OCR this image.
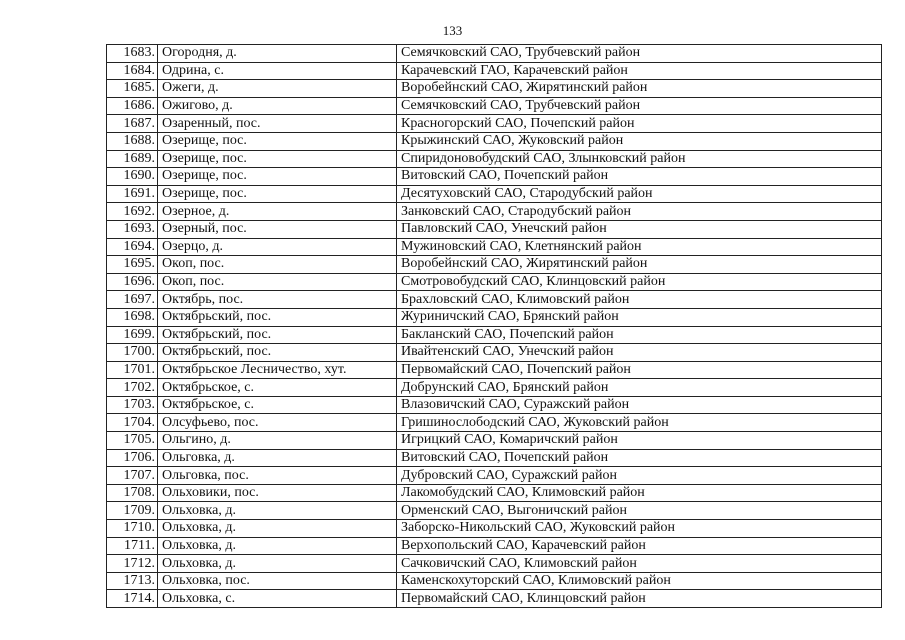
133
1683.	Огородня, д.	Семячковский САО, Трубчевский район
1684.	Одрина, с.	Карачевский ГАО, Карачевский район
1685.	Ожеги, д.	Воробейнский САО, Жирятинский район
1686.	Ожигово, д.	Семячковский САО, Трубчевский район
1687.	Озаренный, пос.	Красногорский САО, Почепский район
1688.	Озерище, пос.	Крыжинский САО, Жуковский район
1689.	Озерище, пос.	Спиридоновобудский САО, Злынковский район
1690.	Озерище, пос.	Витовский САО, Почепский район
1691.	Озерище, пос.	Десятуховский САО, Стародубский район
1692.	Озерное, д.	Занковский САО, Стародубский район
1693.	Озерный, пос.	Павловский САО, Унечский район
1694.	Озерцо, д.	Мужиновский САО, Клетнянский район
1695.	Окоп, пос.	Воробейнский САО, Жирятинский район
1696.	Окоп, пос.	Смотровобудский САО, Клинцовский район
1697.	Октябрь, пос.	Брахловский САО, Климовский район
1698.	Октябрьский, пос.	Журиничский САО, Брянский район
1699.	Октябрьский, пос.	Бакланский САО, Почепский район
1700.	Октябрьский, пос.	Ивайтенский САО, Унечский район
1701.	Октябрьское Лесничество, хут.	Первомайский САО, Почепский район
1702.	Октябрьское, с.	Добрунский САО, Брянский район
1703.	Октябрьское, с.	Влазовичский САО, Суражский район
1704.	Олсуфьево, пос.	Гришинослободский САО, Жуковский район
1705.	Ольгино, д.	Игрицкий САО, Комаричский район
1706.	Ольговка, д.	Витовский САО, Почепский район
1707.	Ольговка, пос.	Дубровский САО, Суражский район
1708.	Ольховики, пос.	Лакомобудский САО, Климовский район
1709.	Ольховка, д.	Орменский САО, Выгоничский район
1710.	Ольховка, д.	Заборско-Никольский САО, Жуковский район
1711.	Ольховка, д.	Верхопольский САО, Карачевский район
1712.	Ольховка, д.	Сачковичский САО, Климовский район
1713.	Ольховка, пос.	Каменскохуторский САО, Климовский район
1714.	Ольховка, с.	Первомайский САО, Клинцовский район
